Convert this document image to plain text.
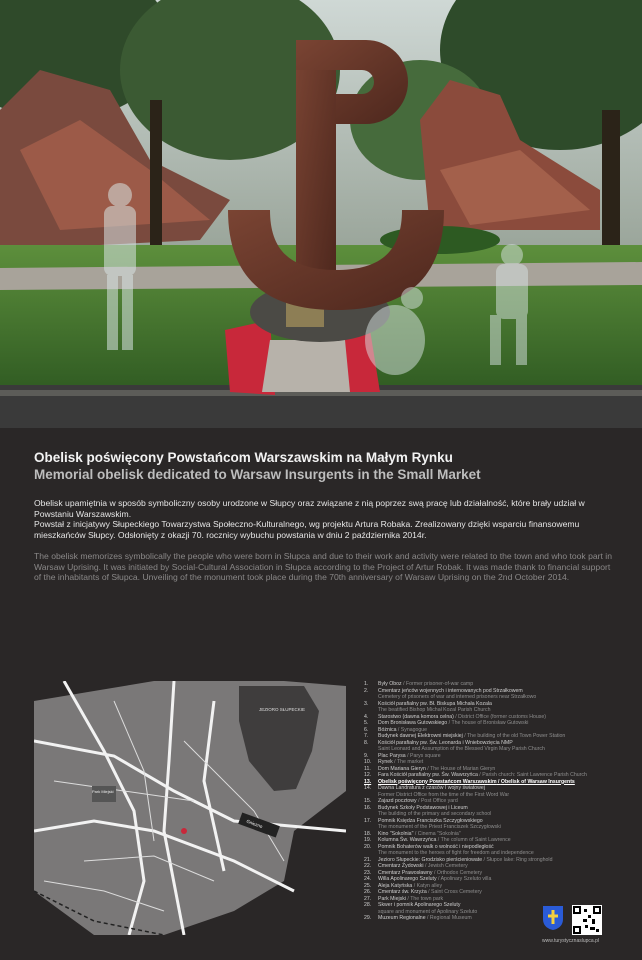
Obelisk poświęcony Powstańcom Warszawskim na Małym Rynku
Memorial obelisk dedicated to Warsaw Insurgents in the Small Market

Obelisk upamiętnia w sposób symboliczny osoby urodzone w Słupcy oraz związane z nią poprzez swą pracę lub działalność, które brały udział w Powstaniu Warszawskim.

Powstał z inicjatywy Słupeckiego Towarzystwa Społeczno-Kulturalnego, wg projektu Artura Robaka. Zrealizowany dzięki wsparciu finansowemu mieszkańców Słupcy. Odsłonięty z okazji 70. rocznicy wybuchu powstania w dniu 2 października 2014r.

The obelisk memorizes symbolically the people who were born in Słupca and due to their work and activity were related to the town and who took part in Warsaw Uprising. It was initiated by Social-Cultural Association in Słupca according to the Project of Artur Robak. It was made thank to financial support of the inhabitants of Słupca. Unveiling of the monument took place during the 70th anniversary of Warsaw Uprising on the 2nd October 2014.
JEZIORO SŁUPECKIE
Park Miejski
Gniezno
1.	Były Oboz / Former prisoner-of-war camp
2.	Cmentarz jeńców wojennych i internowanych pod Strzałkowem
Cemetery of prisoners of war and interned prisoners near Strzałkowo
3.	Kościół parafialny pw. Bł. Biskupa Michała Kozala
The beatified Bishop Michał Kozal Parish Church
4.	Starostwo (dawna komora celna) / District Office (former customs House)
5.	Dom Bronisława Gutowskiego / The house of Bronisław Gutowski
6.	Bóżnica / Synagogue
7.	Budynek dawnej Elektrowni miejskiej / The building of the old Town Power Station
8.	Kościół parafialny pw. Św. Leonarda i Wniebowzięcia NMP
Saint Leonard and Assumption of the Blessed Virgin Mary Parish Church
9.	Plac Parysa / Parys square
10.	Rynek / The market
11.	Dom Mariana Gieryn / The House of Marian Gieryn
12.	Fara Kościół parafialny pw. Św. Wawrzyńca / Parish church: Saint Lawrence Parish Church
13.	Obelisk poświęcony Powstańcom Warszawskim / Obelisk of Warsaw Insurgents
14.	Dawna Landratura z czasów I wojny światowej
Former District Office from the time of the First Word War
15.	Zajazd pocztowy / Post Office yard
16.	Budynek Szkoły Podstawowej i Liceum
The building of the primary and secondary school
17.	Pomnik Księdza Franciszka Szczygłowskiego
The monument of the Priest Franciszek Szczygłowski
18.	Kino "Sokolnia" / Cinema "Sokolnia"
19.	Kolumna Św. Wawrzyńca / The column of Saint Lawrence
20.	Pomnik Bohaterów walk o wolność i niepodległość
The monument to the heroes of fight for freedom and independence
21.	Jezioro Słupeckie: Grodzisko pierścieniowate / Słupce lake: Ring stronghold
22.	Cmentarz Żydowski / Jewish Cemetery
23.	Cmentarz Prawosławny / Orthodox Cemetery
24.	Willa Apolinarego Szeluty / Apolinary Szeluto villa
25.	Aleja Katyńska / Katyn alley
26.	Cmentarz św. Krzyża / Saint Cross Cemetery
27.	Park Miejski / The town park
28.	Skwer i pomnik Apolinarego Szeluty
square and monument of Apolinary Szeluto
29.	Muzeum Regionalne / Regional Museum
www.turystycznaslupca.pl
